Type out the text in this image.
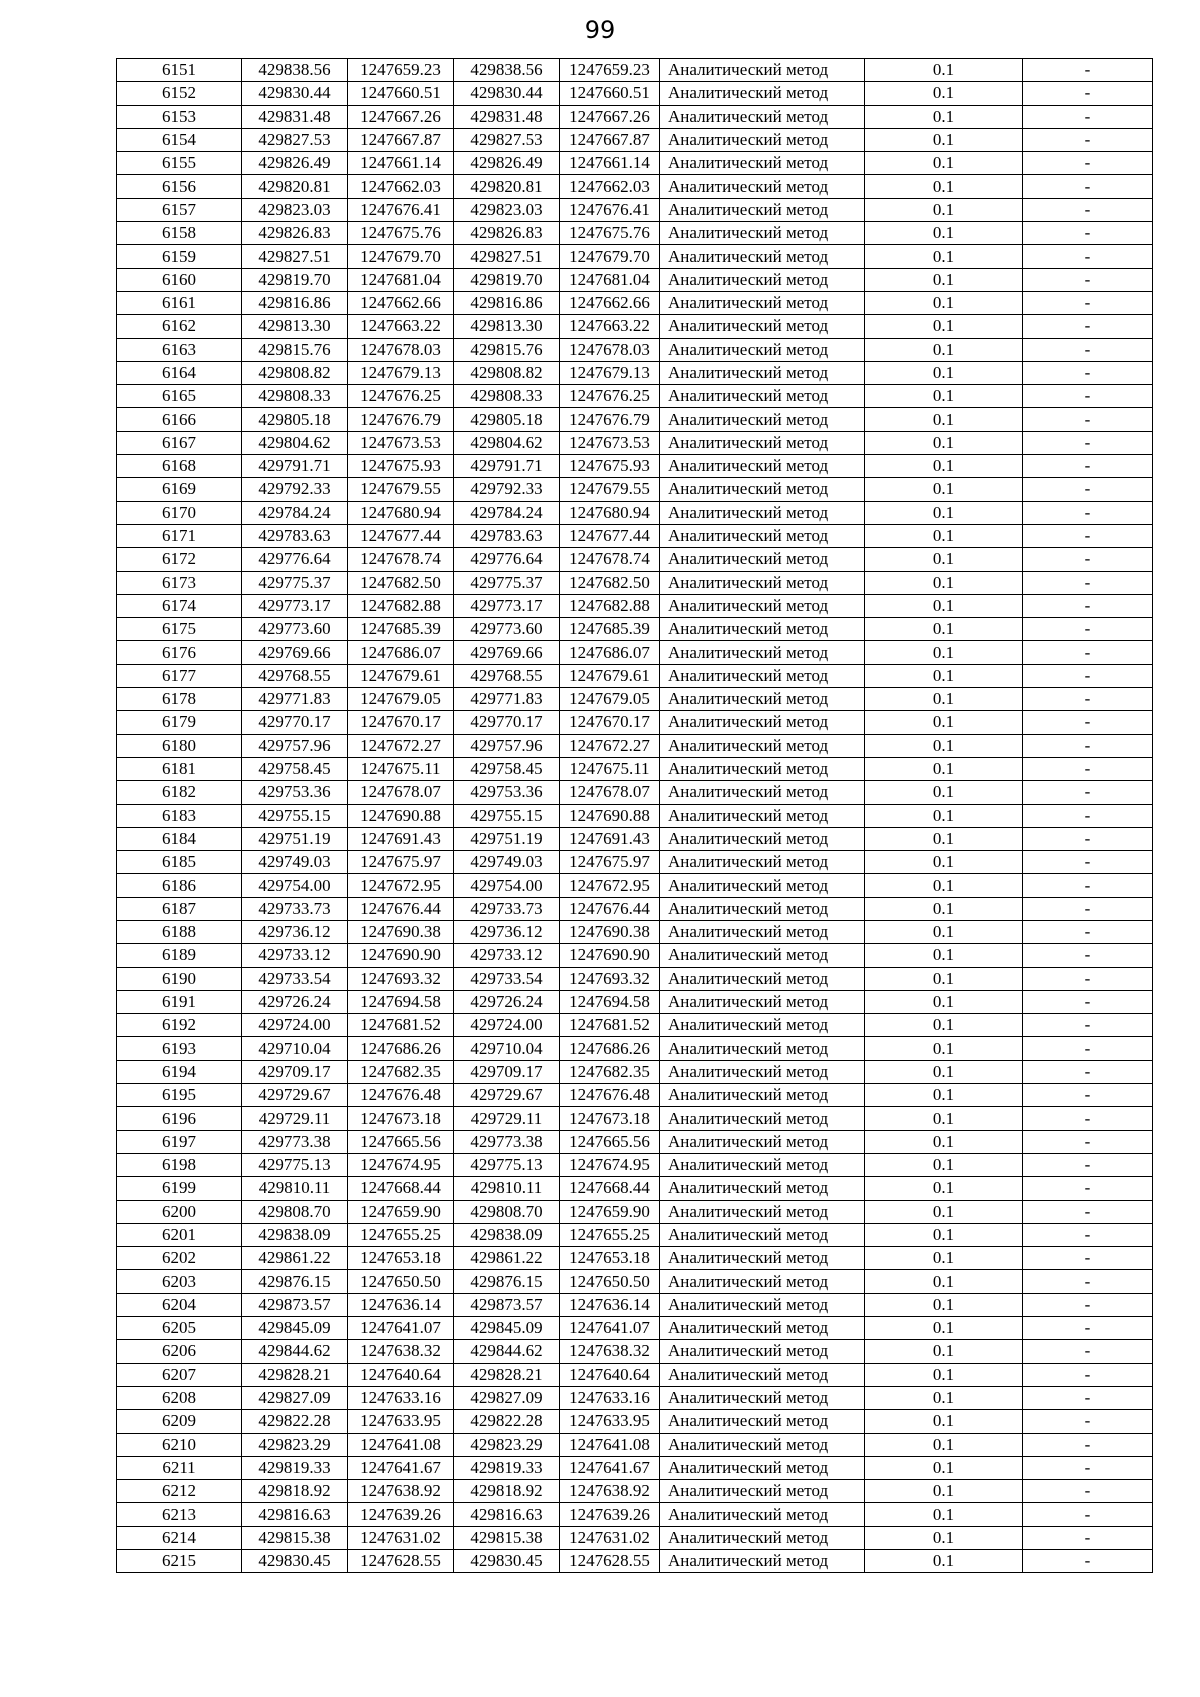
99
6151	429838.56	1247659.23	429838.56	1247659.23	Аналитический метод	0.1	-
6152	429830.44	1247660.51	429830.44	1247660.51	Аналитический метод	0.1	-
6153	429831.48	1247667.26	429831.48	1247667.26	Аналитический метод	0.1	-
6154	429827.53	1247667.87	429827.53	1247667.87	Аналитический метод	0.1	-
6155	429826.49	1247661.14	429826.49	1247661.14	Аналитический метод	0.1	-
6156	429820.81	1247662.03	429820.81	1247662.03	Аналитический метод	0.1	-
6157	429823.03	1247676.41	429823.03	1247676.41	Аналитический метод	0.1	-
6158	429826.83	1247675.76	429826.83	1247675.76	Аналитический метод	0.1	-
6159	429827.51	1247679.70	429827.51	1247679.70	Аналитический метод	0.1	-
6160	429819.70	1247681.04	429819.70	1247681.04	Аналитический метод	0.1	-
6161	429816.86	1247662.66	429816.86	1247662.66	Аналитический метод	0.1	-
6162	429813.30	1247663.22	429813.30	1247663.22	Аналитический метод	0.1	-
6163	429815.76	1247678.03	429815.76	1247678.03	Аналитический метод	0.1	-
6164	429808.82	1247679.13	429808.82	1247679.13	Аналитический метод	0.1	-
6165	429808.33	1247676.25	429808.33	1247676.25	Аналитический метод	0.1	-
6166	429805.18	1247676.79	429805.18	1247676.79	Аналитический метод	0.1	-
6167	429804.62	1247673.53	429804.62	1247673.53	Аналитический метод	0.1	-
6168	429791.71	1247675.93	429791.71	1247675.93	Аналитический метод	0.1	-
6169	429792.33	1247679.55	429792.33	1247679.55	Аналитический метод	0.1	-
6170	429784.24	1247680.94	429784.24	1247680.94	Аналитический метод	0.1	-
6171	429783.63	1247677.44	429783.63	1247677.44	Аналитический метод	0.1	-
6172	429776.64	1247678.74	429776.64	1247678.74	Аналитический метод	0.1	-
6173	429775.37	1247682.50	429775.37	1247682.50	Аналитический метод	0.1	-
6174	429773.17	1247682.88	429773.17	1247682.88	Аналитический метод	0.1	-
6175	429773.60	1247685.39	429773.60	1247685.39	Аналитический метод	0.1	-
6176	429769.66	1247686.07	429769.66	1247686.07	Аналитический метод	0.1	-
6177	429768.55	1247679.61	429768.55	1247679.61	Аналитический метод	0.1	-
6178	429771.83	1247679.05	429771.83	1247679.05	Аналитический метод	0.1	-
6179	429770.17	1247670.17	429770.17	1247670.17	Аналитический метод	0.1	-
6180	429757.96	1247672.27	429757.96	1247672.27	Аналитический метод	0.1	-
6181	429758.45	1247675.11	429758.45	1247675.11	Аналитический метод	0.1	-
6182	429753.36	1247678.07	429753.36	1247678.07	Аналитический метод	0.1	-
6183	429755.15	1247690.88	429755.15	1247690.88	Аналитический метод	0.1	-
6184	429751.19	1247691.43	429751.19	1247691.43	Аналитический метод	0.1	-
6185	429749.03	1247675.97	429749.03	1247675.97	Аналитический метод	0.1	-
6186	429754.00	1247672.95	429754.00	1247672.95	Аналитический метод	0.1	-
6187	429733.73	1247676.44	429733.73	1247676.44	Аналитический метод	0.1	-
6188	429736.12	1247690.38	429736.12	1247690.38	Аналитический метод	0.1	-
6189	429733.12	1247690.90	429733.12	1247690.90	Аналитический метод	0.1	-
6190	429733.54	1247693.32	429733.54	1247693.32	Аналитический метод	0.1	-
6191	429726.24	1247694.58	429726.24	1247694.58	Аналитический метод	0.1	-
6192	429724.00	1247681.52	429724.00	1247681.52	Аналитический метод	0.1	-
6193	429710.04	1247686.26	429710.04	1247686.26	Аналитический метод	0.1	-
6194	429709.17	1247682.35	429709.17	1247682.35	Аналитический метод	0.1	-
6195	429729.67	1247676.48	429729.67	1247676.48	Аналитический метод	0.1	-
6196	429729.11	1247673.18	429729.11	1247673.18	Аналитический метод	0.1	-
6197	429773.38	1247665.56	429773.38	1247665.56	Аналитический метод	0.1	-
6198	429775.13	1247674.95	429775.13	1247674.95	Аналитический метод	0.1	-
6199	429810.11	1247668.44	429810.11	1247668.44	Аналитический метод	0.1	-
6200	429808.70	1247659.90	429808.70	1247659.90	Аналитический метод	0.1	-
6201	429838.09	1247655.25	429838.09	1247655.25	Аналитический метод	0.1	-
6202	429861.22	1247653.18	429861.22	1247653.18	Аналитический метод	0.1	-
6203	429876.15	1247650.50	429876.15	1247650.50	Аналитический метод	0.1	-
6204	429873.57	1247636.14	429873.57	1247636.14	Аналитический метод	0.1	-
6205	429845.09	1247641.07	429845.09	1247641.07	Аналитический метод	0.1	-
6206	429844.62	1247638.32	429844.62	1247638.32	Аналитический метод	0.1	-
6207	429828.21	1247640.64	429828.21	1247640.64	Аналитический метод	0.1	-
6208	429827.09	1247633.16	429827.09	1247633.16	Аналитический метод	0.1	-
6209	429822.28	1247633.95	429822.28	1247633.95	Аналитический метод	0.1	-
6210	429823.29	1247641.08	429823.29	1247641.08	Аналитический метод	0.1	-
6211	429819.33	1247641.67	429819.33	1247641.67	Аналитический метод	0.1	-
6212	429818.92	1247638.92	429818.92	1247638.92	Аналитический метод	0.1	-
6213	429816.63	1247639.26	429816.63	1247639.26	Аналитический метод	0.1	-
6214	429815.38	1247631.02	429815.38	1247631.02	Аналитический метод	0.1	-
6215	429830.45	1247628.55	429830.45	1247628.55	Аналитический метод	0.1	-
